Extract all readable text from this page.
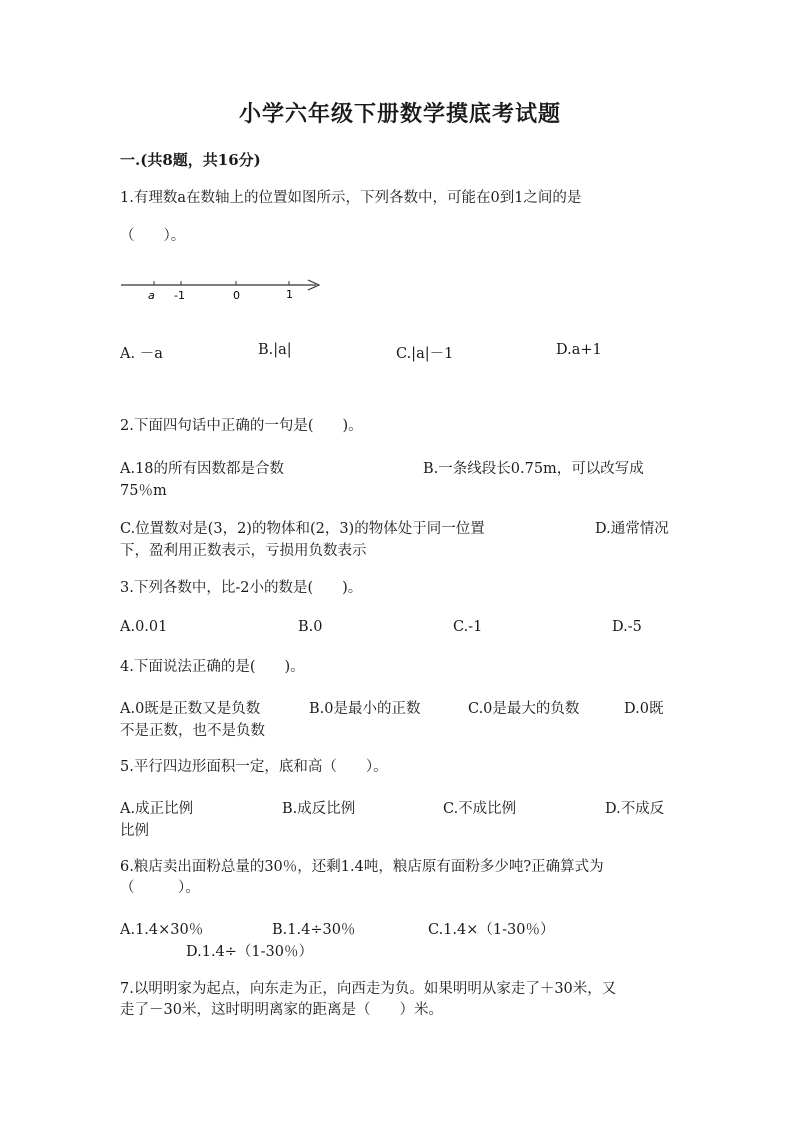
小学六年级下册数学摸底考试题
一.(共8题，共16分)
1.有理数a在数轴上的位置如图所示，下列各数中，可能在0到1之间的是
（　　）。
a -1	0	1
A. －a	B.|a|	C.|a|－1	D.a+1
2.下面四句话中正确的一句是(　　)。
A.18的所有因数都是合数	B.一条线段长0.75m，可以改写成
75％m
C.位置数对是(3，2)的物体和(2，3)的物体处于同一位置	D.通常情况
下，盈利用正数表示，亏损用负数表示
3.下列各数中，比-2小的数是(　　)。
A.0.01	B.0	C.-1	D.-5
4.下面说法正确的是(　　)。
A.0既是正数又是负数	B.0是最小的正数	C.0是最大的负数	D.0既
不是正数，也不是负数
5.平行四边形面积一定，底和高（　　）。
A.成正比例	B.成反比例	C.不成比例	D.不成反
比例
6.粮店卖出面粉总量的30％，还剩1.4吨，粮店原有面粉多少吨?正确算式为
（　　　）。
A.1.4×30％	B.1.4÷30％	C.1.4×（1-30％）
D.1.4÷（1-30％）
7.以明明家为起点，向东走为正，向西走为负。如果明明从家走了＋30米，又
走了－30米，这时明明离家的距离是（　　）米。
